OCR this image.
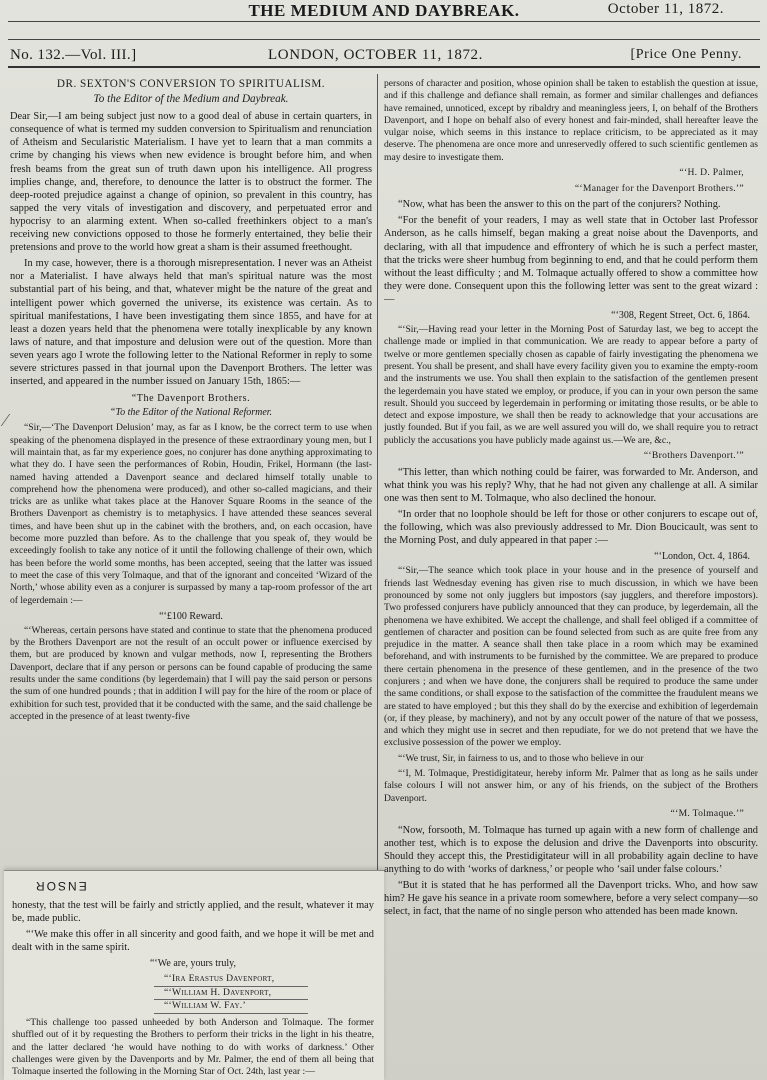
THE MEDIUM AND DAYBREAK.	October 11, 1872.
No. 132.—Vol. III.]	LONDON, OCTOBER 11, 1872.	[Price One Penny.
⁄
DR. SEXTON'S CONVERSION TO SPIRITUALISM.
To the Editor of the Medium and Daybreak.

Dear Sir,—I am being subject just now to a good deal of abuse in certain quarters, in consequence of what is termed my sudden conversion to Spiritualism and renunciation of Atheism and Secularistic Materialism. I have yet to learn that a man commits a crime by changing his views when new evidence is brought before him, and when fresh beams from the great sun of truth dawn upon his intelligence. All progress implies change, and, therefore, to denounce the latter is to obstruct the former. The deep-rooted prejudice against a change of opinion, so prevalent in this country, has sapped the very vitals of investigation and discovery, and perpetuated error and hypocrisy to an alarming extent. When so-called freethinkers object to a man's receiving new convictions opposed to those he formerly entertained, they belie their pretensions and prove to the world how great a sham is their assumed freethought.

In my case, however, there is a thorough misrepresentation. I never was an Atheist nor a Materialist. I have always held that man's spiritual nature was the most substantial part of his being, and that, whatever might be the nature of the great and intelligent power which governed the universe, its existence was certain. As to spiritual manifestations, I have been investigating them since 1855, and have for at least a dozen years held that the phenomena were totally inexplicable by any known laws of nature, and that imposture and delusion were out of the question. More than seven years ago I wrote the following letter to the National Reformer in reply to some severe strictures passed in that journal upon the Davenport Brothers. The letter was inserted, and appeared in the number issued on January 15th, 1865:—

“The Davenport Brothers.
“To the Editor of the National Reformer.

“Sir,—‘The Davenport Delusion’ may, as far as I know, be the correct term to use when speaking of the phenomena displayed in the presence of these extraordinary young men, but I will maintain that, as far my experience goes, no conjurer has done anything approximating to what they do. I have seen the performances of Robin, Houdin, Frikel, Hormann (the last-named having attended a Davenport seance and declared himself totally unable to comprehend how the phenomena were produced), and other so-called magicians, and their tricks are as unlike what takes place at the Hanover Square Rooms in the seance of the Brothers Davenport as chemistry is to metaphysics. I have attended these seances several times, and have been shut up in the cabinet with the brothers, and, on each occasion, have become more puzzled than before. As to the challenge that you speak of, they would be exceedingly foolish to take any notice of it until the following challenge of their own, which has been before the world some months, has been accepted, seeing that the latter was issued to meet the case of this very Tolmaque, and that of the ignorant and conceited ‘Wizard of the North,’ whose ability even as a conjurer is surpassed by many a tap-room professor of the art of legerdemain :—

“‘£100 Reward.

“‘Whereas, certain persons have stated and continue to state that the phenomena produced by the Brothers Davenport are not the result of an occult power or influence exercised by them, but are produced by known and vulgar methods, now I, representing the Brothers Davenport, declare that if any person or persons can be found capable of producing the same results under the same conditions (by legerdemain) that I will pay the said person or persons the sum of one hundred pounds ; that in addition I will pay for the hire of the room or place of exhibition for such test, provided that it be conducted with the same, and the said challenge be accepted in the presence of at least twenty-five

persons of character and position, whose opinion shall be taken to establish the question at issue, and if this challenge and defiance shall remain, as former and similar challenges and defiances have remained, unnoticed, except by ribaldry and meaningless jeers, I, on behalf of the Brothers Davenport, and I hope on behalf also of every honest and fair-minded, shall hereafter leave the vulgar noise, which seems in this instance to replace criticism, to be appreciated as it may deserve. The phenomena are once more and unreservedly offered to such scientific gentlemen as may desire to investigate them.

“‘H. D. Palmer,
“‘Manager for the Davenport Brothers.’”

“Now, what has been the answer to this on the part of the conjurers? Nothing.

“For the benefit of your readers, I may as well state that in October last Professor Anderson, as he calls himself, began making a great noise about the Davenports, and declaring, with all that impudence and effrontery of which he is such a perfect master, that the tricks were sheer humbug from beginning to end, and that he could perform them without the least difficulty ; and M. Tolmaque actually offered to show a committee how they were done. Consequent upon this the following letter was sent to the great wizard :—

“‘308, Regent Street, Oct. 6, 1864.

“‘Sir,—Having read your letter in the Morning Post of Saturday last, we beg to accept the challenge made or implied in that communication. We are ready to appear before a party of twelve or more gentlemen specially chosen as capable of fairly investigating the phenomena we present. You shall be present, and shall have every facility given you to examine the empty-room and the instruments we use. You shall then explain to the satisfaction of the gentlemen present the legerdemain you have stated we employ, or produce, if you can in your own person the same result. Should you succeed by legerdemain in performing or imitating those results, or be able to detect and expose imposture, we shall then be ready to acknowledge that your accusations are justly founded. But if you fail, as we are well assured you will do, we shall require you to retract publicly the accusations you have publicly made against us.—We are, &c.,

“‘Brothers Davenport.’”

“This letter, than which nothing could be fairer, was forwarded to Mr. Anderson, and what think you was his reply? Why, that he had not given any challenge at all. A similar one was then sent to M. Tolmaque, who also declined the honour.

“In order that no loophole should be left for those or other conjurers to escape out of, the following, which was also previously addressed to Mr. Dion Boucicault, was sent to the Morning Post, and duly appeared in that paper :—

“‘London, Oct. 4, 1864.

“‘Sir,—The seance which took place in your house and in the presence of yourself and friends last Wednesday evening has given rise to much discussion, in which we have been pronounced by some not only jugglers but impostors (say jugglers, and therefore impostors). Two professed conjurers have publicly announced that they can produce, by legerdemain, all the phenomena we have exhibited. We accept the challenge, and shall feel obliged if a committee of gentlemen of character and position can be found selected from such as are quite free from any prejudice in the matter. A seance shall then take place in a room which may be examined beforehand, and with instruments to be furnished by the committee. We are prepared to produce there certain phenomena in the presence of these gentlemen, and in the presence of the two conjurers ; and when we have done, the conjurers shall be required to produce the same under the same conditions, or shall expose to the satisfaction of the committee the fraudulent means we are stated to have employed ; but this they shall do by the exercise and exhibition of legerdemain (or, if they please, by machinery), and not by any occult power of the nature of that we possess, and which they might use in secret and then repudiate, for we do not pretend that we have the exclusive possession of the power we employ.

“‘We trust, Sir, in fairness to us, and to those who believe in our

“‘I, M. Tolmaque, Prestidigitateur, hereby inform Mr. Palmer that as long as he sails under false colours I will not answer him, or any of his friends, on the subject of the Brothers Davenport.

“‘M. Tolmaque.’”

“Now, forsooth, M. Tolmaque has turned up again with a new form of challenge and another test, which is to expose the delusion and drive the Davenports into obscurity. Should they accept this, the Prestidigitateur will in all probability again decline to have anything to do with ‘works of darkness,’ or people who ‘sail under false colours.’

“But it is stated that he has performed all the Davenport tricks. Who, and how saw him? He gave his seance in a private room somewhere, before a very select company—so select, in fact, that the name of no single person who attended has been made known.

ENSOR

honesty, that the test will be fairly and strictly applied, and the result, whatever it may be, made public.

“‘We make this offer in all sincerity and good faith, and we hope it will be met and dealt with in the same spirit.

“‘We are, yours truly,
“‘Ira Erastus Davenport,
“‘William H. Davenport,
“‘William W. Fay.’

“This challenge too passed unheeded by both Anderson and Tolmaque. The former shuffled out of it by requesting the Brothers to perform their tricks in the light in his theatre, and the latter declared ‘he would have nothing to do with works of darkness.’ Other challenges were given by the Davenports and by Mr. Palmer, the end of them all being that Tolmaque inserted the following in the Morning Star of Oct. 24th, last year :—
